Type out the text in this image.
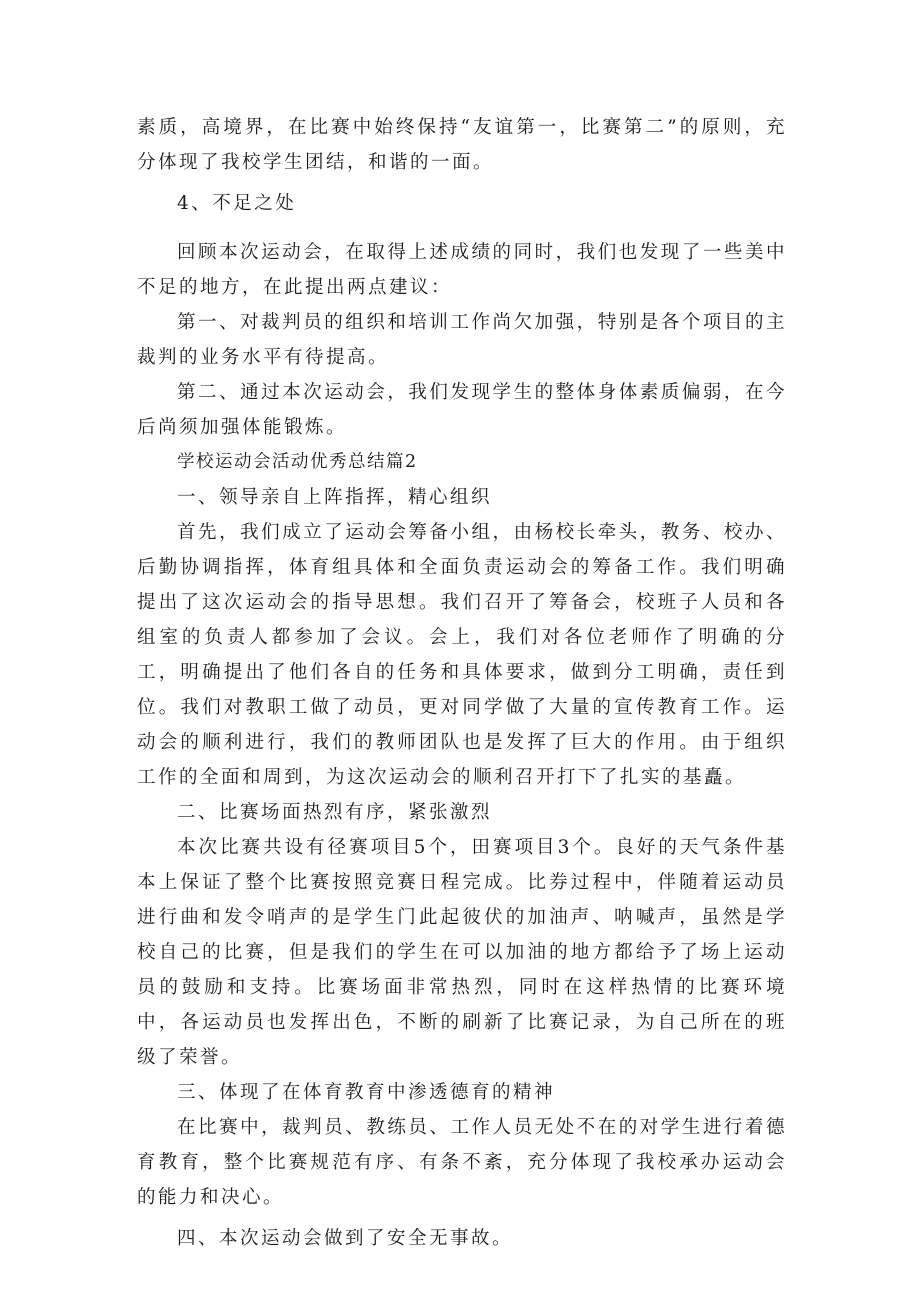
素质，高境界，在比赛中始终保持“友谊第一，比赛第二”的原则，充分体现了我校学生团结，和谐的一面。

4、不足之处

回顾本次运动会，在取得上述成绩的同时，我们也发现了一些美中不足的地方，在此提出两点建议：

第一、对裁判员的组织和培训工作尚欠加强，特别是各个项目的主裁判的业务水平有待提高。

第二、通过本次运动会，我们发现学生的整体身体素质偏弱，在今后尚须加强体能锻炼。

学校运动会活动优秀总结篇2

一、领导亲自上阵指挥，精心组织

首先，我们成立了运动会筹备小组，由杨校长牵头，教务、校办、后勤协调指挥，体育组具体和全面负责运动会的筹备工作。我们明确提出了这次运动会的指导思想。我们召开了筹备会，校班子人员和各组室的负责人都参加了会议。会上，我们对各位老师作了明确的分工，明确提出了他们各自的任务和具体要求，做到分工明确，责任到位。我们对教职工做了动员，更对同学做了大量的宣传教育工作。运动会的顺利进行，我们的教师团队也是发挥了巨大的作用。由于组织工作的全面和周到，为这次运动会的顺利召开打下了扎实的基矗。

二、比赛场面热烈有序，紧张激烈

本次比赛共设有径赛项目5个，田赛项目3个。良好的天气条件基本上保证了整个比赛按照竞赛日程完成。比券过程中，伴随着运动员进行曲和发令哨声的是学生门此起彼伏的加油声、呐喊声，虽然是学校自己的比赛，但是我们的学生在可以加油的地方都给予了场上运动员的鼓励和支持。比赛场面非常热烈，同时在这样热情的比赛环境中，各运动员也发挥出色，不断的刷新了比赛记录，为自己所在的班级了荣誉。

三、体现了在体育教育中渗透德育的精神

在比赛中，裁判员、教练员、工作人员无处不在的对学生进行着德育教育，整个比赛规范有序、有条不紊，充分体现了我校承办运动会的能力和决心。

四、本次运动会做到了安全无事故。
